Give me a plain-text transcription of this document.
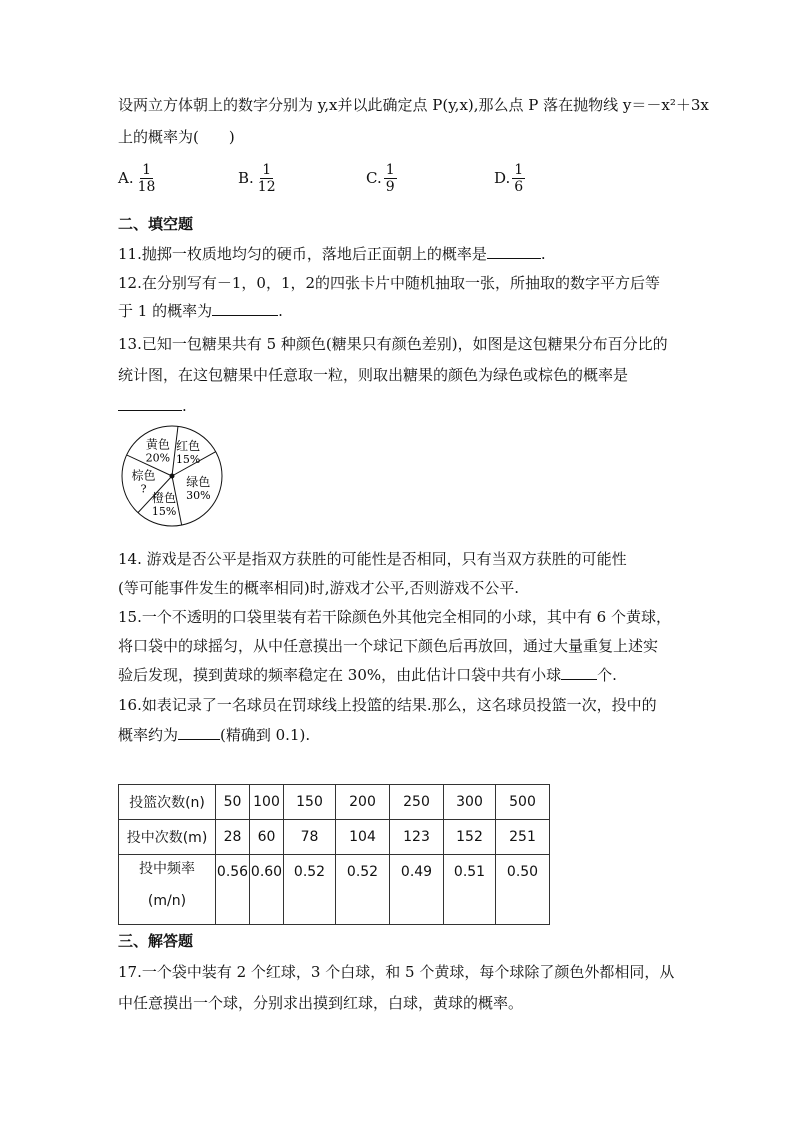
设两立方体朝上的数字分别为 y,x并以此确定点 P(y,x),那么点 P 落在抛物线 y＝－x²＋3x
上的概率为(　　)
A. $\frac{1}{18}$	B. $\frac{1}{12}$	C. $\frac{1}{9}$	D. $\frac{1}{6}$
二、填空题
11.抛掷一枚质地均匀的硬币，落地后正面朝上的概率是	.
12.在分别写有－1，0，1，2的四张卡片中随机抽取一张，所抽取的数字平方后等
于 1 的概率为	.
13.已知一包糖果共有 5 种颜色(糖果只有颜色差别)，如图是这包糖果分布百分比的
统计图，在这包糖果中任意取一粒，则取出糖果的颜色为绿色或棕色的概率是
.
红色
15%
绿色
30%
橙色
15%
棕色
?
黄色
20%
14. 游戏是否公平是指双方获胜的可能性是否相同，只有当双方获胜的可能性
(等可能事件发生的概率相同)时,游戏才公平,否则游戏不公平.
15.一个不透明的口袋里装有若干除颜色外其他完全相同的小球，其中有 6 个黄球，
将口袋中的球摇匀，从中任意摸出一个球记下颜色后再放回，通过大量重复上述实
验后发现，摸到黄球的频率稳定在 30%，由此估计口袋中共有小球 个.
16.如表记录了一名球员在罚球线上投篮的结果.那么，这名球员投篮一次，投中的
概率约为	(精确到 0.1).
投篮次数(n)	50	100	150	200	250	300	500
投中次数(m)	28	60	78	104	123	152	251

投中频率
(m/n)	0.56	0.60	0.52	0.52	0.49	0.51	0.50

三、解答题
17.一个袋中装有 2 个红球，3 个白球，和 5 个黄球，每个球除了颜色外都相同，从
中任意摸出一个球，分别求出摸到红球，白球，黄球的概率。
